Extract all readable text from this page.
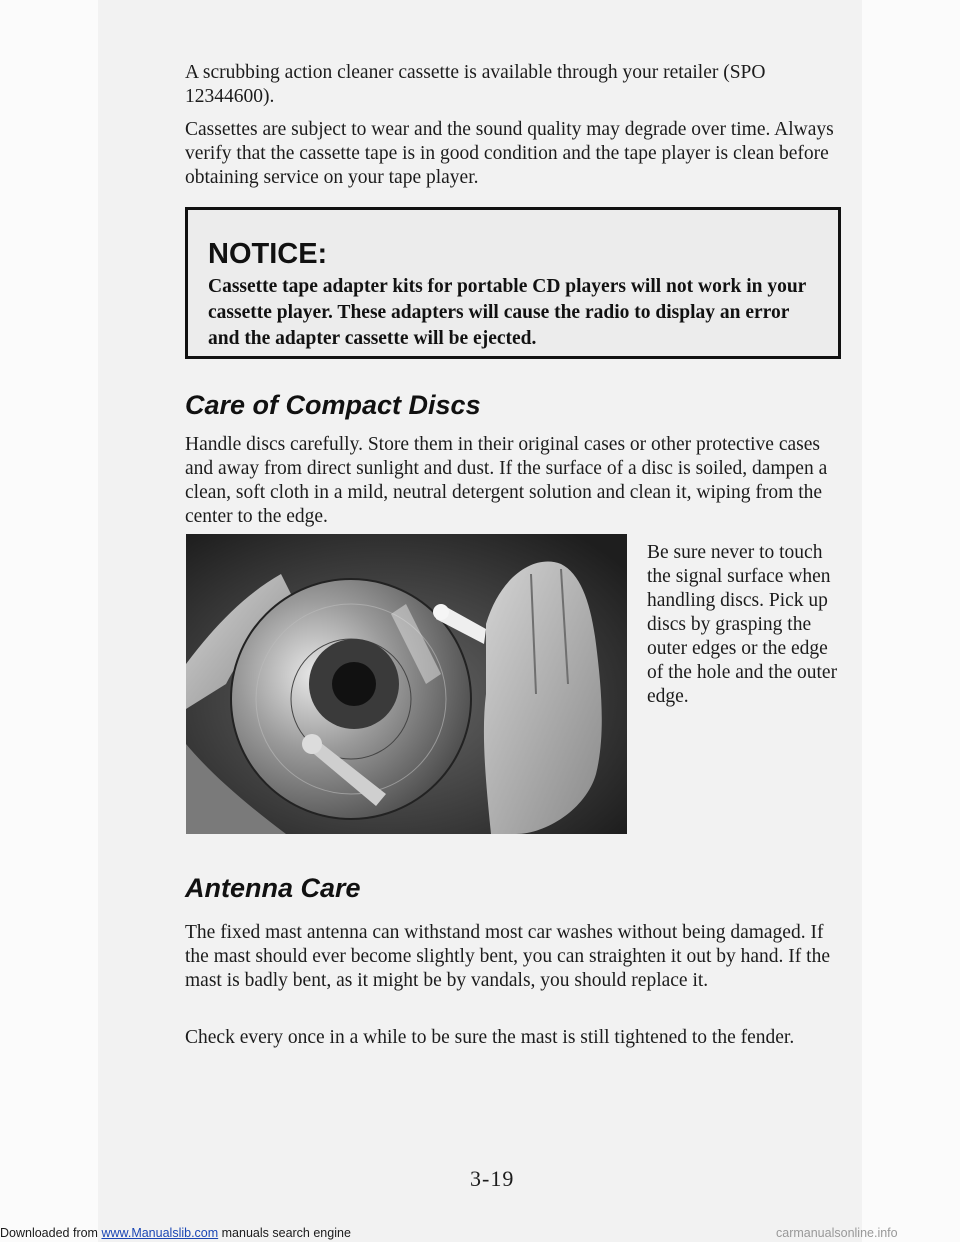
A scrubbing action cleaner cassette is available through your retailer (SPO 12344600).

Cassettes are subject to wear and the sound quality may degrade over time. Always verify that the cassette tape is in good condition and the tape player is clean before obtaining service on your tape player.

NOTICE:

Cassette tape adapter kits for portable CD players will not work in your cassette player. These adapters will cause the radio to display an error and the adapter cassette will be ejected.

Care of Compact Discs

Handle discs carefully. Store them in their original cases or other protective cases and away from direct sunlight and dust. If the surface of a disc is soiled, dampen a clean, soft cloth in a mild, neutral detergent solution and clean it, wiping from the center to the edge.

Be sure never to touch the signal surface when handling discs. Pick up discs by grasping the outer edges or the edge of the hole and the outer edge.

Antenna Care

The fixed mast antenna can withstand most car washes without being damaged. If the mast should ever become slightly bent, you can straighten it out by hand. If the mast is badly bent, as it might be by vandals, you should replace it.

Check every once in a while to be sure the mast is still tightened to the fender.

3-19

Downloaded from www.Manualslib.com manuals search engine	carmanualsonline.info
